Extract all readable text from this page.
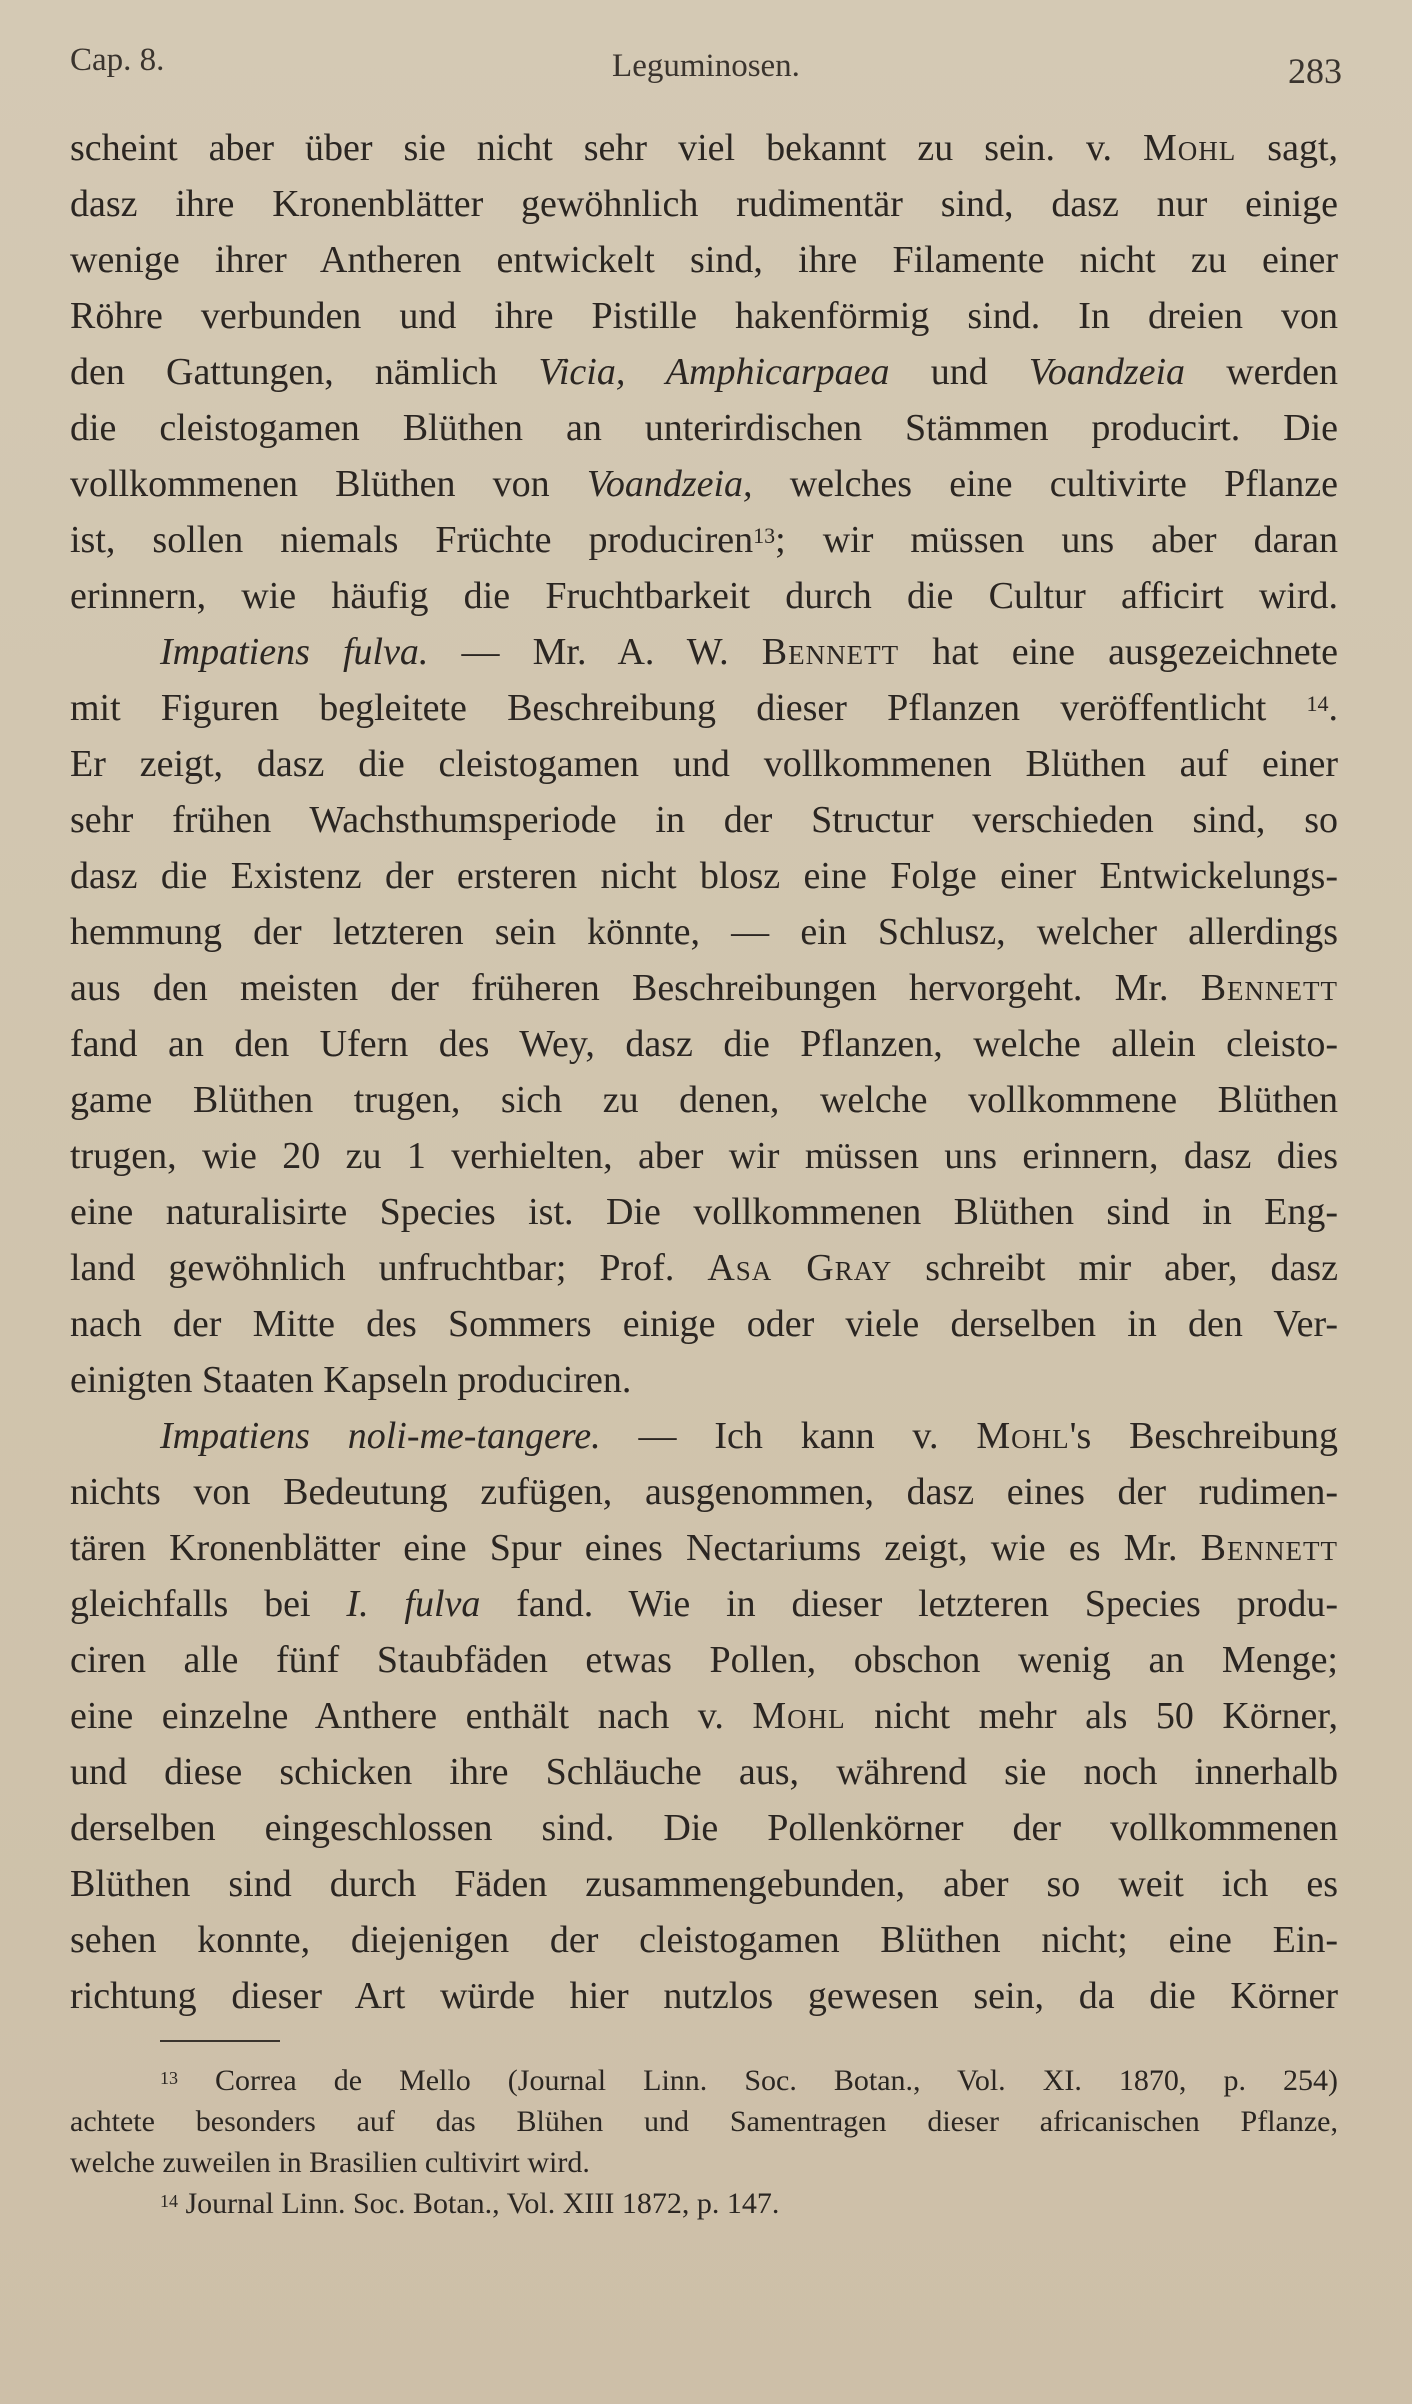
Cap. 8.	Leguminosen.	283
scheint aber über sie nicht sehr viel bekannt zu sein. v. Mohl sagt,
dasz ihre Kronenblätter gewöhnlich rudimentär sind, dasz nur einige
wenige ihrer Antheren entwickelt sind, ihre Filamente nicht zu einer
Röhre verbunden und ihre Pistille hakenförmig sind. In dreien von
den Gattungen, nämlich Vicia, Amphicarpaea und Voandzeia werden
die cleistogamen Blüthen an unterirdischen Stämmen producirt. Die
vollkommenen Blüthen von Voandzeia, welches eine cultivirte Pflanze
ist, sollen niemals Früchte produciren$^{13}$; wir müssen uns aber daran
erinnern, wie häufig die Fruchtbarkeit durch die Cultur afficirt wird.
Impatiens fulva. — Mr. A. W. Bennett hat eine ausgezeichnete
mit Figuren begleitete Beschreibung dieser Pflanzen veröffentlicht $^{14}$.
Er zeigt, dasz die cleistogamen und vollkommenen Blüthen auf einer
sehr frühen Wachsthumsperiode in der Structur verschieden sind, so
dasz die Existenz der ersteren nicht blosz eine Folge einer Entwickelungs-
hemmung der letzteren sein könnte, — ein Schlusz, welcher allerdings
aus den meisten der früheren Beschreibungen hervorgeht. Mr. Bennett
fand an den Ufern des Wey, dasz die Pflanzen, welche allein cleisto-
game Blüthen trugen, sich zu denen, welche vollkommene Blüthen
trugen, wie 20 zu 1 verhielten, aber wir müssen uns erinnern, dasz dies
eine naturalisirte Species ist. Die vollkommenen Blüthen sind in Eng-
land gewöhnlich unfruchtbar; Prof. Asa Gray schreibt mir aber, dasz
nach der Mitte des Sommers einige oder viele derselben in den Ver-
einigten Staaten Kapseln produciren.
Impatiens noli-me-tangere. — Ich kann v. Mohl's Beschreibung
nichts von Bedeutung zufügen, ausgenommen, dasz eines der rudimen-
tären Kronenblätter eine Spur eines Nectariums zeigt, wie es Mr. Bennett
gleichfalls bei I. fulva fand. Wie in dieser letzteren Species produ-
ciren alle fünf Staubfäden etwas Pollen, obschon wenig an Menge;
eine einzelne Anthere enthält nach v. Mohl nicht mehr als 50 Körner,
und diese schicken ihre Schläuche aus, während sie noch innerhalb
derselben eingeschlossen sind. Die Pollenkörner der vollkommenen
Blüthen sind durch Fäden zusammengebunden, aber so weit ich es
sehen konnte, diejenigen der cleistogamen Blüthen nicht; eine Ein-
richtung dieser Art würde hier nutzlos gewesen sein, da die Körner
$^{13}$ Correa de Mello (Journal Linn. Soc. Botan., Vol. XI. 1870, p. 254)
achtete besonders auf das Blühen und Samentragen dieser africanischen Pflanze,
welche zuweilen in Brasilien cultivirt wird.
$^{14}$ Journal Linn. Soc. Botan., Vol. XIII 1872, p. 147.
